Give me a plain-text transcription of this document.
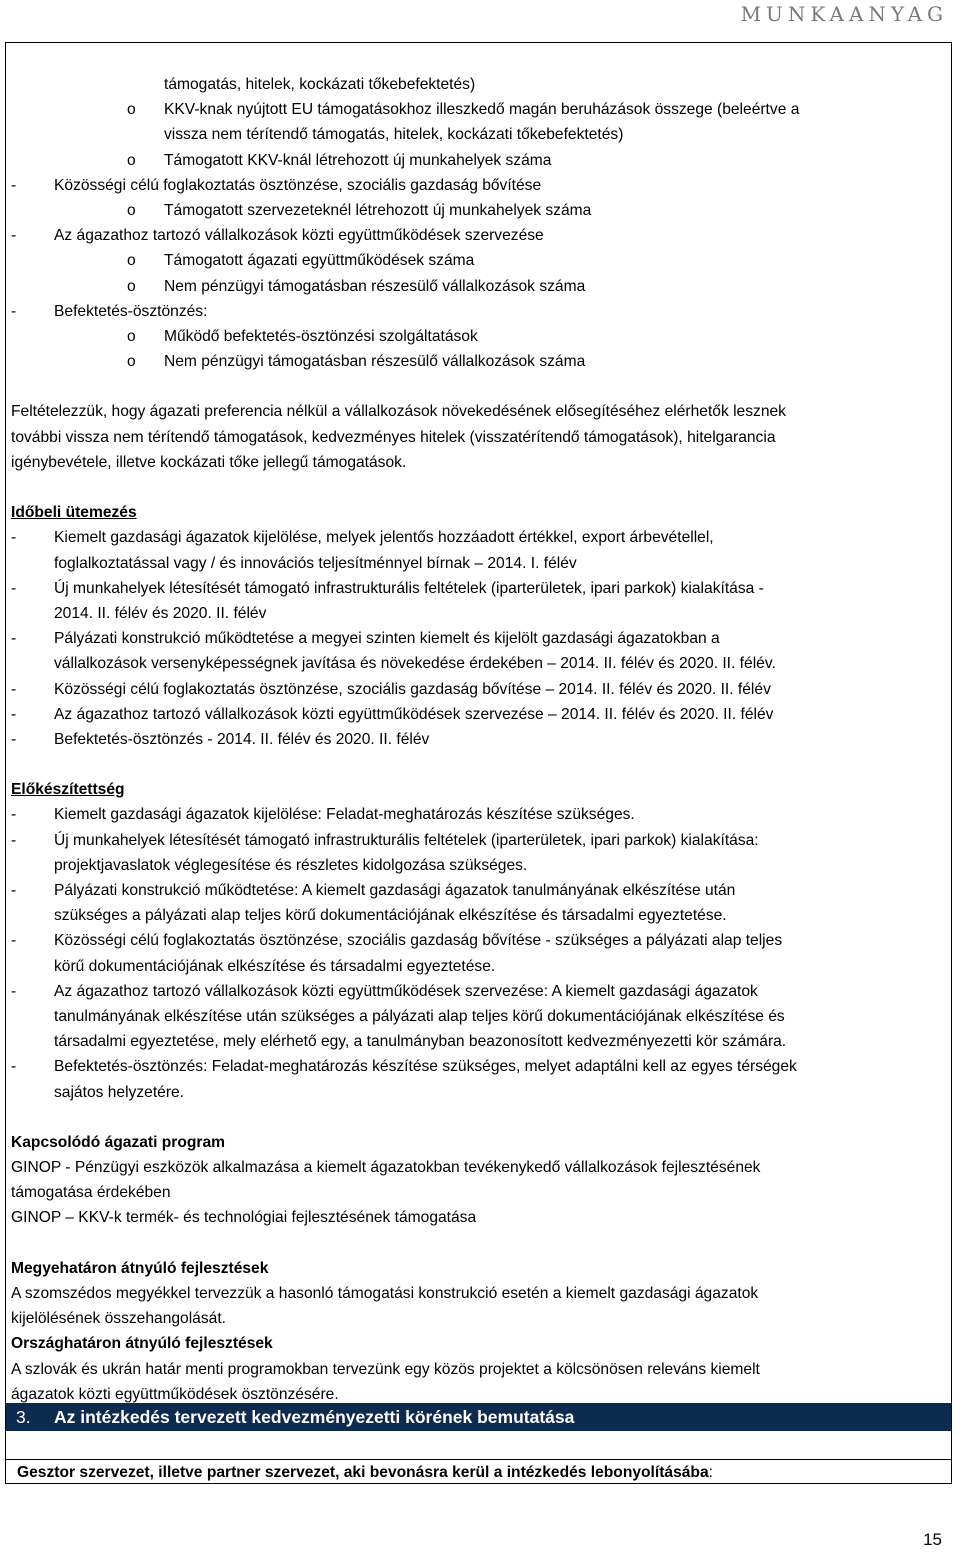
MUNKAANYAG
támogatás, hitelek, kockázati tőkebefektetés)
o KKV-knak nyújtott EU támogatásokhoz illeszkedő magán beruházások összege (beleértve a
vissza nem térítendő támogatás, hitelek, kockázati tőkebefektetés)
o Támogatott KKV-knál létrehozott új munkahelyek száma
- Közösségi célú foglakoztatás ösztönzése, szociális gazdaság bővítése
o Támogatott szervezeteknél létrehozott új munkahelyek száma
- Az ágazathoz tartozó vállalkozások közti együttműködések szervezése
o Támogatott ágazati együttműködések száma
o Nem pénzügyi támogatásban részesülő vállalkozások száma
- Befektetés-ösztönzés:
o Működő befektetés-ösztönzési szolgáltatások
o Nem pénzügyi támogatásban részesülő vállalkozások száma
Feltételezzük, hogy ágazati preferencia nélkül a vállalkozások növekedésének elősegítéséhez elérhetők lesznek
további vissza nem térítendő támogatások, kedvezményes hitelek (visszatérítendő támogatások), hitelgarancia
igénybevétele, illetve kockázati tőke jellegű támogatások.
Időbeli ütemezés
- Kiemelt gazdasági ágazatok kijelölése, melyek jelentős hozzáadott értékkel, export árbevétellel,
foglalkoztatással vagy / és innovációs teljesítménnyel bírnak – 2014. I. félév
- Új munkahelyek létesítését támogató infrastrukturális feltételek (iparterületek, ipari parkok) kialakítása -
2014. II. félév és 2020. II. félév
- Pályázati konstrukció működtetése a megyei szinten kiemelt és kijelölt gazdasági ágazatokban a
vállalkozások versenyképességnek javítása és növekedése érdekében – 2014. II. félév és 2020. II. félév.
- Közösségi célú foglakoztatás ösztönzése, szociális gazdaság bővítése – 2014. II. félév és 2020. II. félév
- Az ágazathoz tartozó vállalkozások közti együttműködések szervezése – 2014. II. félév és 2020. II. félév
- Befektetés-ösztönzés - 2014. II. félév és 2020. II. félév
Előkészítettség
- Kiemelt gazdasági ágazatok kijelölése: Feladat-meghatározás készítése szükséges.
- Új munkahelyek létesítését támogató infrastrukturális feltételek (iparterületek, ipari parkok) kialakítása:
projektjavaslatok véglegesítése és részletes kidolgozása szükséges.
- Pályázati konstrukció működtetése: A kiemelt gazdasági ágazatok tanulmányának elkészítése után
szükséges a pályázati alap teljes körű dokumentációjának elkészítése és társadalmi egyeztetése.
- Közösségi célú foglakoztatás ösztönzése, szociális gazdaság bővítése - szükséges a pályázati alap teljes
körű dokumentációjának elkészítése és társadalmi egyeztetése.
- Az ágazathoz tartozó vállalkozások közti együttműködések szervezése: A kiemelt gazdasági ágazatok
tanulmányának elkészítése után szükséges a pályázati alap teljes körű dokumentációjának elkészítése és
társadalmi egyeztetése, mely elérhető egy, a tanulmányban beazonosított kedvezményezetti kör számára.
- Befektetés-ösztönzés: Feladat-meghatározás készítése szükséges, melyet adaptálni kell az egyes térségek
sajátos helyzetére.
Kapcsolódó ágazati program
GINOP - Pénzügyi eszközök alkalmazása a kiemelt ágazatokban tevékenykedő vállalkozások fejlesztésének
támogatása érdekében
GINOP – KKV-k termék- és technológiai fejlesztésének támogatása
Megyehatáron átnyúló fejlesztések
A szomszédos megyékkel tervezzük a hasonló támogatási konstrukció esetén a kiemelt gazdasági ágazatok
kijelölésének összehangolását.
Országhatáron átnyúló fejlesztések
A szlovák és ukrán határ menti programokban tervezünk egy közös projektet a kölcsönösen releváns kiemelt
ágazatok közti együttműködések ösztönzésére.
3. Az intézkedés tervezett kedvezményezetti körének bemutatása
Gesztor szervezet, illetve partner szervezet, aki bevonásra kerül a intézkedés lebonyolításába:
15
